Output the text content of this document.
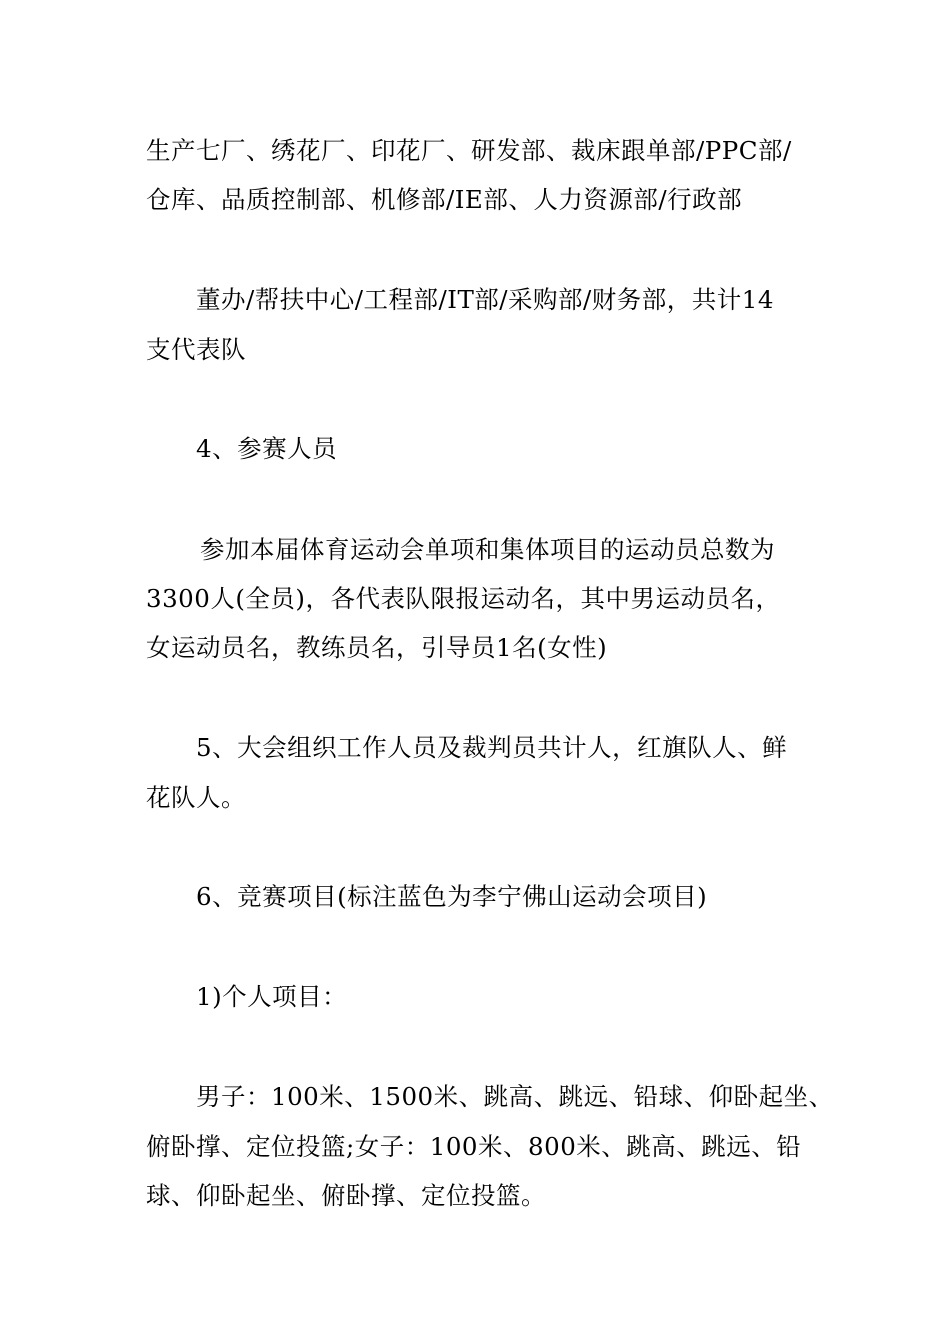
生产七厂、绣花厂、印花厂、研发部、裁床跟单部/PPC部/
仓库、品质控制部、机修部/IE部、人力资源部/行政部
董办/帮扶中心/工程部/IT部/采购部/财务部，共计14
支代表队
4、参赛人员
参加本届体育运动会单项和集体项目的运动员总数为
3300人(全员)，各代表队限报运动名，其中男运动员名，
女运动员名，教练员名，引导员1名(女性)
5、大会组织工作人员及裁判员共计人，红旗队人、鲜
花队人。
6、竞赛项目(标注蓝色为李宁佛山运动会项目)
1)个人项目：
男子：100米、1500米、跳高、跳远、铅球、仰卧起坐、
俯卧撑、定位投篮;女子：100米、800米、跳高、跳远、铅
球、仰卧起坐、俯卧撑、定位投篮。
